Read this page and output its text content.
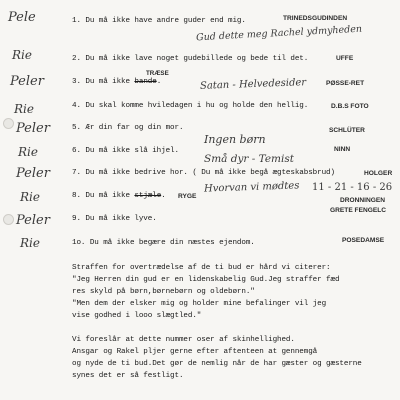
Pele
Rie
Peler
Rie
Peler
Rie
Peler
Rie
Peler
Rie
1. Du må ikke have andre guder end mig.
2. Du må ikke lave noget gudebillede og bede til det.
3. Du må ikke bande.
4. Du skal komme hviledagen i hu og holde den hellig.
5. Ær din far og din mor.
6. Du må ikke slå ihjel.
7. Du må ikke bedrive hor. ( Du må ikke begå ægteskabsbrud)
8. Du må ikke stjæle.
9. Du må ikke lyve.
1o. Du må ikke begære din næstes ejendom.
TRINEDSGUDINDEN
Gud dette meg Rachel ydmyheden
UFFE
TRÆSE
Satan - Helvedesider	PØSSE-RET
D.B.S FOTO
Ingen børn
SCHLÜTER
Små dyr - Temist
NINN
HOLGER
Hvorvan vi mødtes 11 - 21 - 16 - 26
RYGE
DRONNINGEN
GRETE FENGELC
POSEDAMSE
Straffen for overtrædelse af de ti bud er hård vi citerer:
"Jeg Herren din gud er en lidenskabelig Gud.Jeg straffer fæd
res skyld på børn,børnebørn og oldebørn."
"Men dem der elsker mig og holder mine befalinger vil jeg
vise godhed i looo slægtled."
Vi foreslår at dette nummer oser af skinhellighed.
Ansgar og Rakel pljer gerne efter aftenteen at gennemgå
og nyde de ti bud.Det gør de nemlig når de har gæster og gæsterne
synes det er så festligt.
